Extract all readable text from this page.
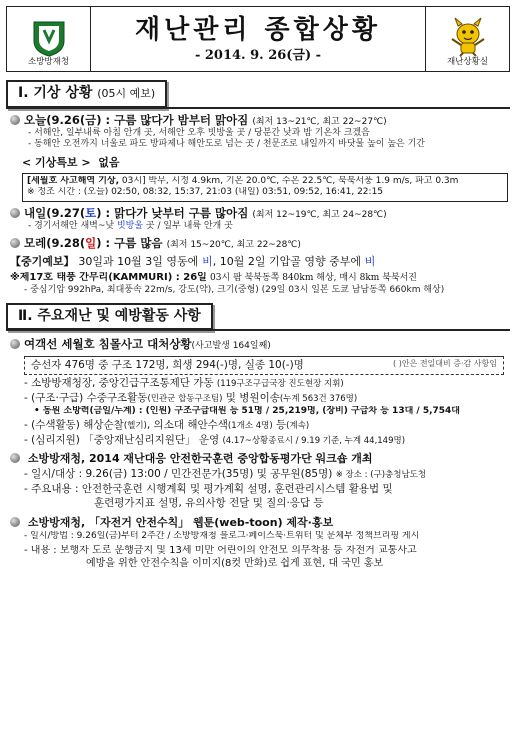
소방방재청
재난관리 종합상황
- 2014. 9. 26(금) -	재난상황실
Ⅰ. 기상 상황 (05시 예보)
오늘(9.26(금)
: 구름 많다가 밤부터 맑아짐
(최저 13~21℃, 최고 22~27℃)
- 서해안, 일부내륙 아침 안개 곳, 서해안 오후 빗방울 곳 / 당분간 낮과 밤 기온차 크겠음
- 동해안 오전까지 너울로 파도 방파제나 해안도로 넘는 곳 / 천문조로 내일까지 바닷물 높이 높은 기간
< 기상특보 > 없음
[세월호 사고해역 기상, 03시] 박무, 시정 4.9km, 기온 20.0℃, 수온 22.5℃, 북북서풍 1.9 m/s, 파고 0.3m
※ 정조 시간 : (오늘) 02:50, 08:32, 15:37, 21:03 (내일) 03:51, 09:52, 16:41, 22:15
내일(9.27( 토 )
: 맑다가 낮부터 구름 많아짐
(최저 12~19℃, 최고 24~28℃)
- 경기서해안 새벽~낮 빗방울 곳 / 일부 내륙 안개 곳
모레(9.28( 일 )
: 구름 많음
(최저 15~20℃, 최고 22~28℃)
【중기예보】 30일과 10월 3일 영동에 비, 10월 2일 기압골 영향 중부에 비
※제17호 태풍 간무리(KAMMURI) : 26일
03시 팜 북북동쪽 840km 해상, 매시 8km 북북서진
- 중심기압 992hPa, 최대풍속 22m/s, 강도(약), 크기(중형) (29일 03시 일본 도쿄 남남동쪽 660km 해상)
Ⅱ. 주요재난 및 예방활동 사항
여객선 세월호 침몰사고 대처상황 (사고발생 164일째)
승선자 476명 중 구조 172명, 희생 294(-)명, 실종 10(-)명	( )안은 전일대비 증·감 사항임
- 소방방재청장, 중앙긴급구조통제단 가동 (119구조구급국장 진도현장 지휘)
- (구조·구급) 수중구조활동(민관군 합동구조팀) 및 병원이송(누계 563건 376명)
• 동원 소방력(금일/누계) : (인원) 구조구급대원 등 51명 / 25,219명, (장비) 구급차 등 13대 / 5,754대
- (수색활동) 해상순찰(헬기), 의소대 해안수색(1개소 4명) 등(계속)
- (심리지원) 「중앙재난심리지원단」 운영 (4.17~상황종료시 / 9.19 기준, 누계 44,149명)
소방방재청, 2014 재난대응 안전한국훈련 중앙합동평가단 워크숍 개최
- 일시/대상 : 9.26(금) 13:00 / 민간전문가(35명) 및 공무원(85명) ※ 장소 : (구)충청남도청
- 주요내용 : 안전한국훈련 시행계획 및 평가계획 설명, 훈련관리시스템 활용법 및
훈련평가지표 설명, 유의사항 전달 및 질의·응답 등
소방방재청, 「자전거 안전수칙」 웹툰(web-toon) 제작·홍보
- 일시/방법 : 9.26일(금)부터 2주간 / 소방방재청 블로그·페이스북·트위터 및 문체부 정책브리핑 게시
- 내용 : 보행자 도로 운행금지 및 13세 미만 어린이의 안전모 의무착용 등 자전거 교통사고
예방을 위한 안전수칙을 이미지(8컷 만화)로 쉽게 표현, 대 국민 홍보
